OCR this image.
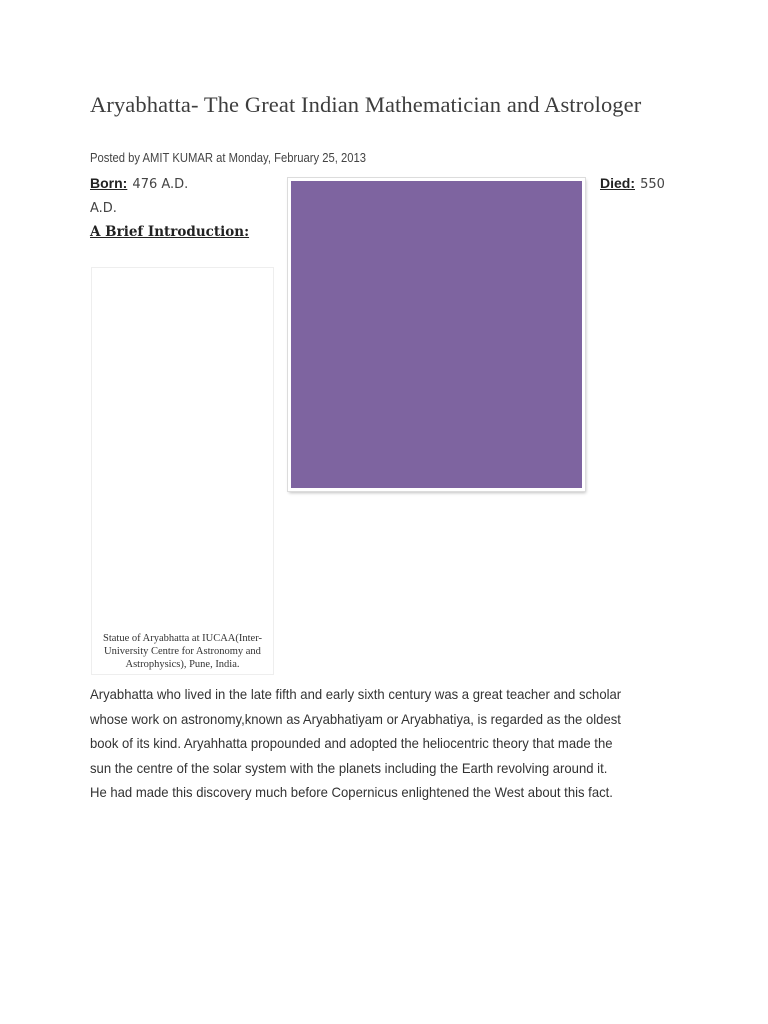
Aryabhatta- The Great Indian Mathematician and Astrologer
Posted by AMIT KUMAR at Monday, February 25, 2013
Born: 476 A.D.
A.D.
Died: 550
A Brief Introduction:
Statue of Aryabhatta at IUCAA(Inter-University Centre for Astronomy and Astrophysics), Pune, India.

Aryabhatta who lived in the late fifth and early sixth century was a great teacher and scholar
whose work on astronomy,known as Aryabhatiyam or Aryabhatiya, is regarded as the oldest
book of its kind. Aryahhatta propounded and adopted the heliocentric theory that made the
sun the centre of the solar system with the planets including the Earth revolving around it.
He had made this discovery much before Copernicus enlightened the West about this fact.
